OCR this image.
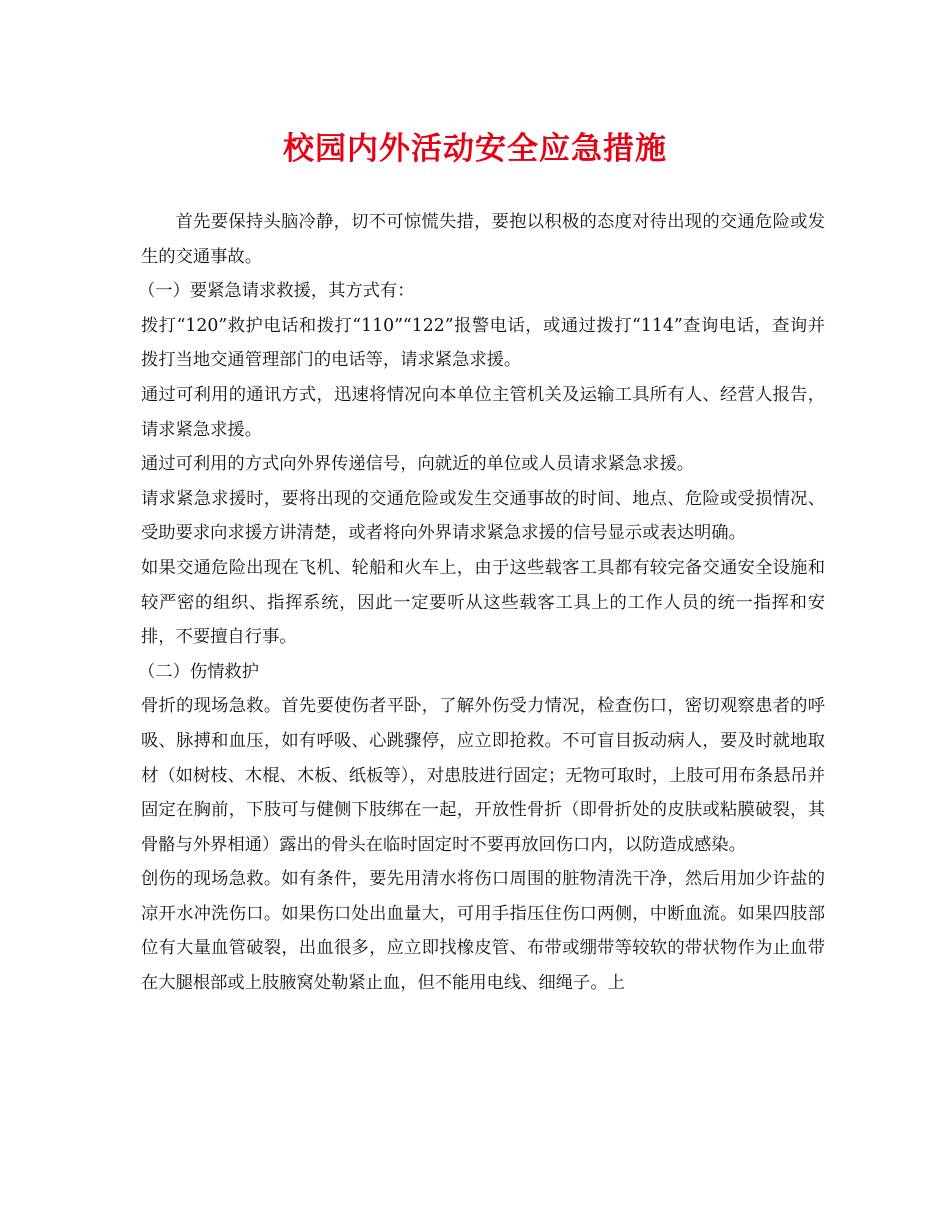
校园内外活动安全应急措施

首先要保持头脑冷静，切不可惊慌失措，要抱以积极的态度对待出现的交通危险或发生的交通事故。

（一）要紧急请求救援，其方式有：

拨打“120”救护电话和拨打“110”“122”报警电话，或通过拨打“114”查询电话，查询并拨打当地交通管理部门的电话等，请求紧急求援。

通过可利用的通讯方式，迅速将情况向本单位主管机关及运输工具所有人、经营人报告，请求紧急求援。

通过可利用的方式向外界传递信号，向就近的单位或人员请求紧急求援。

请求紧急求援时，要将出现的交通危险或发生交通事故的时间、地点、危险或受损情况、受助要求向求援方讲清楚，或者将向外界请求紧急求援的信号显示或表达明确。

如果交通危险出现在飞机、轮船和火车上，由于这些载客工具都有较完备交通安全设施和较严密的组织、指挥系统，因此一定要听从这些载客工具上的工作人员的统一指挥和安排，不要擅自行事。

（二）伤情救护

骨折的现场急救。首先要使伤者平卧，了解外伤受力情况，检查伤口，密切观察患者的呼吸、脉搏和血压，如有呼吸、心跳骤停，应立即抢救。不可盲目扳动病人，要及时就地取材（如树枝、木棍、木板、纸板等），对患肢进行固定；无物可取时，上肢可用布条悬吊并固定在胸前，下肢可与健侧下肢绑在一起，开放性骨折（即骨折处的皮肤或粘膜破裂，其骨骼与外界相通）露出的骨头在临时固定时不要再放回伤口内，以防造成感染。

创伤的现场急救。如有条件，要先用清水将伤口周围的脏物清洗干净，然后用加少许盐的凉开水冲洗伤口。如果伤口处出血量大，可用手指压住伤口两侧，中断血流。如果四肢部位有大量血管破裂，出血很多，应立即找橡皮管、布带或绷带等较软的带状物作为止血带在大腿根部或上肢腋窝处勒紧止血，但不能用电线、细绳子。上
